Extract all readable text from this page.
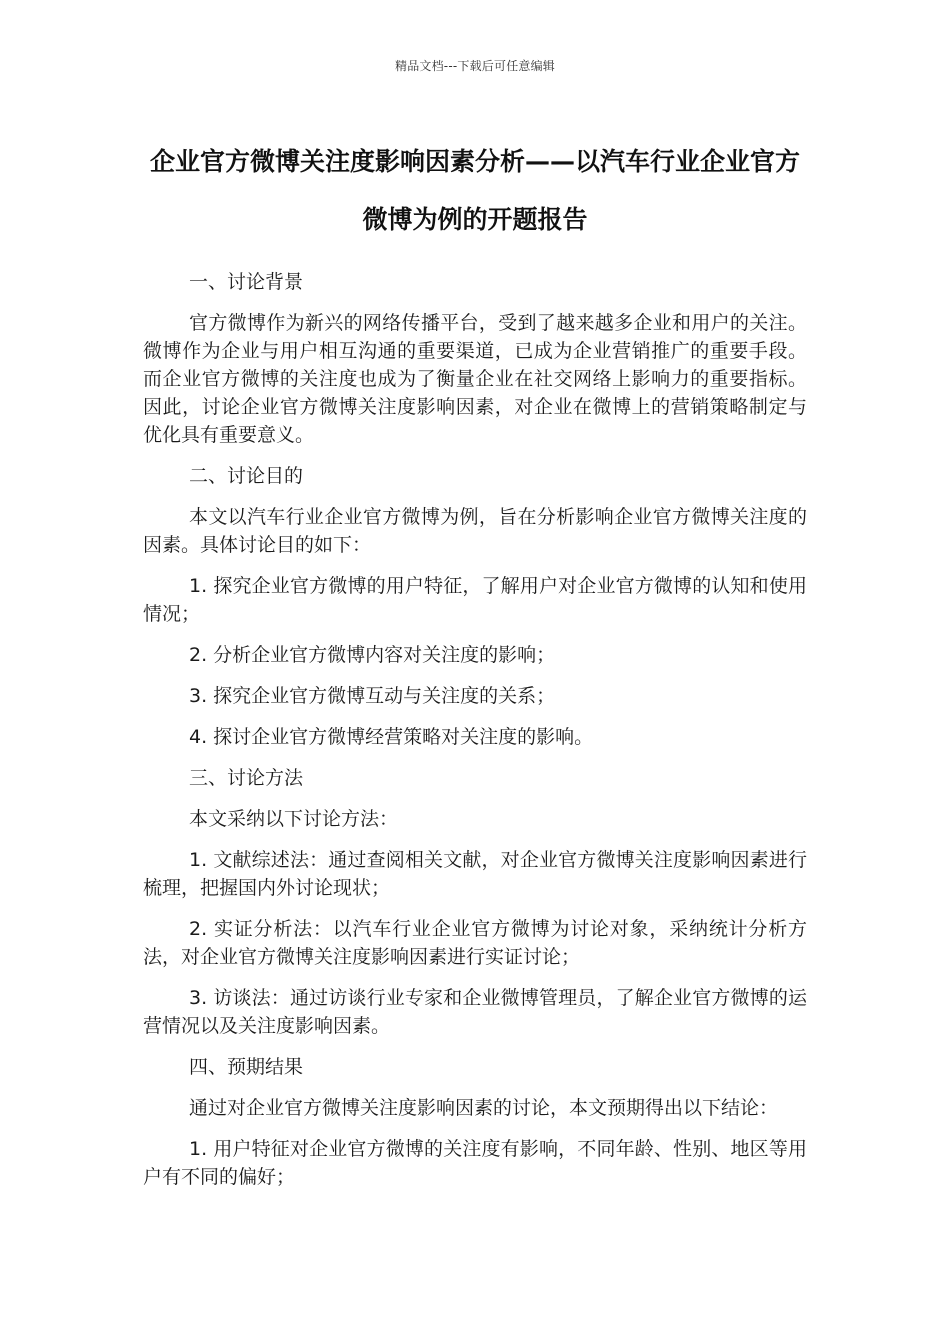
精品文档---下载后可任意编辑
企业官方微博关注度影响因素分析——以汽车行业企业官方微博为例的开题报告

一、讨论背景

官方微博作为新兴的网络传播平台，受到了越来越多企业和用户的关注。微博作为企业与用户相互沟通的重要渠道，已成为企业营销推广的重要手段。而企业官方微博的关注度也成为了衡量企业在社交网络上影响力的重要指标。因此，讨论企业官方微博关注度影响因素，对企业在微博上的营销策略制定与优化具有重要意义。

二、讨论目的

本文以汽车行业企业官方微博为例，旨在分析影响企业官方微博关注度的因素。具体讨论目的如下：

1. 探究企业官方微博的用户特征，了解用户对企业官方微博的认知和使用情况；

2. 分析企业官方微博内容对关注度的影响；

3. 探究企业官方微博互动与关注度的关系；

4. 探讨企业官方微博经营策略对关注度的影响。

三、讨论方法

本文采纳以下讨论方法：

1. 文献综述法：通过查阅相关文献，对企业官方微博关注度影响因素进行梳理，把握国内外讨论现状；

2. 实证分析法：以汽车行业企业官方微博为讨论对象，采纳统计分析方法，对企业官方微博关注度影响因素进行实证讨论；

3. 访谈法：通过访谈行业专家和企业微博管理员，了解企业官方微博的运营情况以及关注度影响因素。

四、预期结果

通过对企业官方微博关注度影响因素的讨论，本文预期得出以下结论：

1. 用户特征对企业官方微博的关注度有影响，不同年龄、性别、地区等用户有不同的偏好；
